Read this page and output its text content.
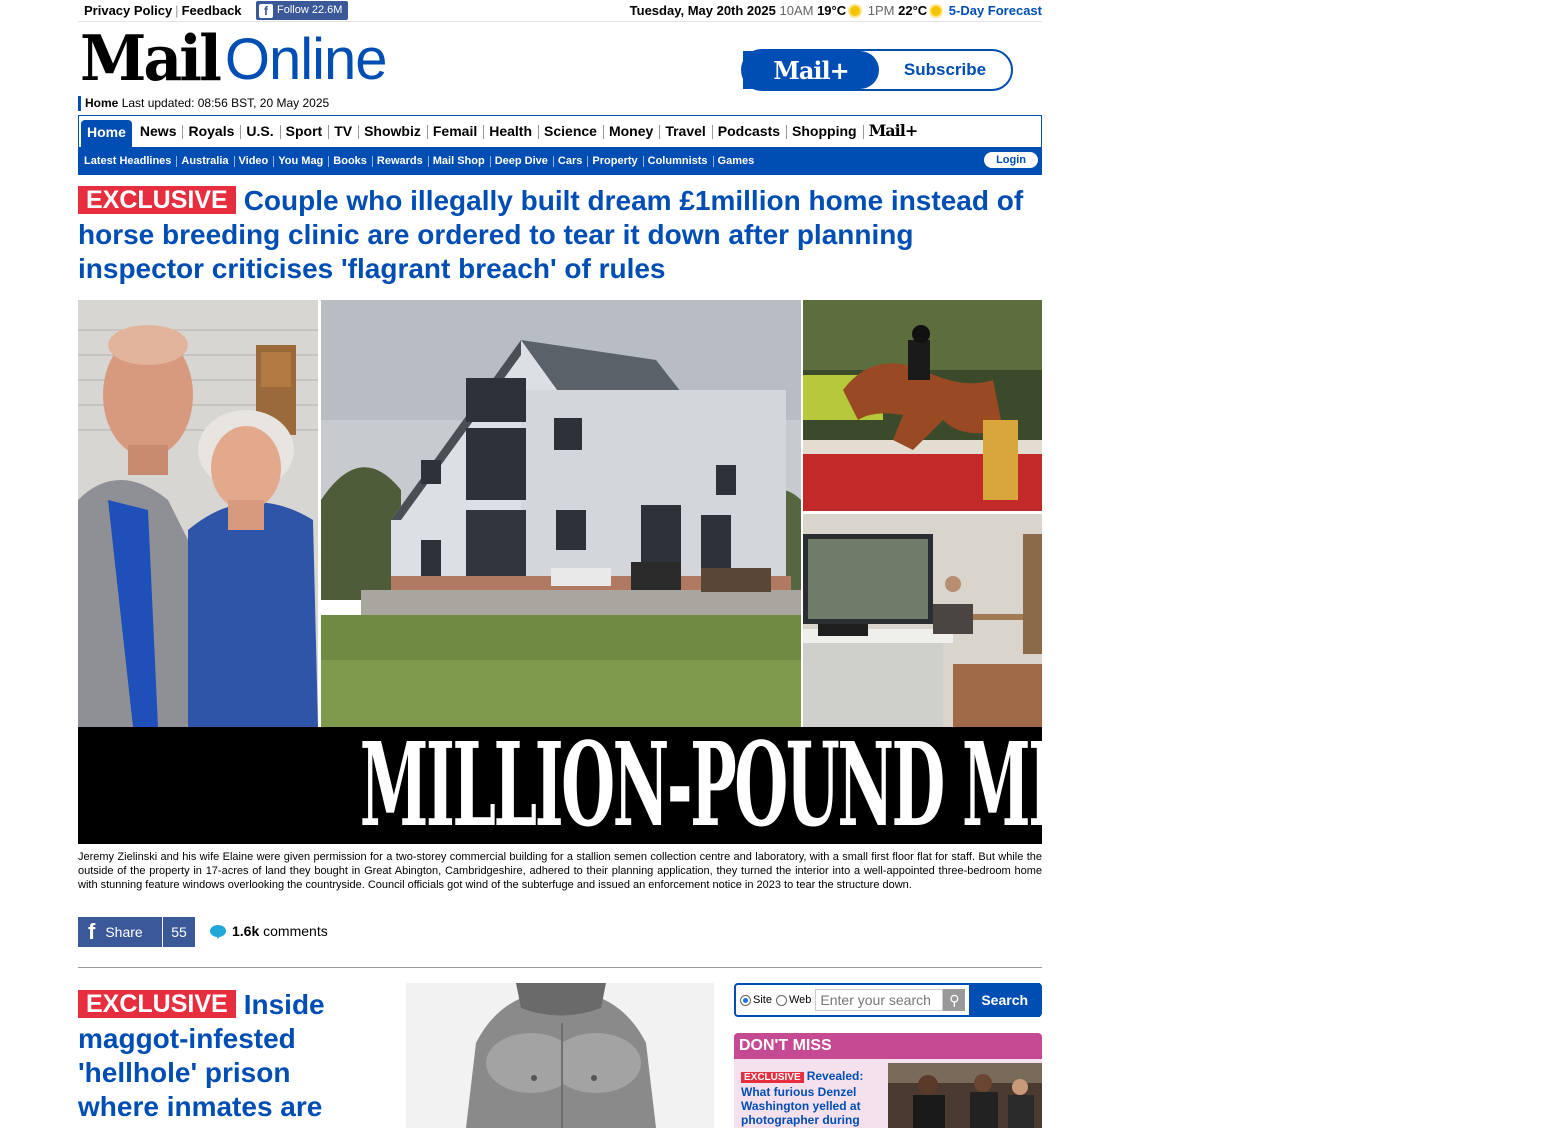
Privacy Policy | Feedback	f Follow 22.6M	Tuesday, May 20th 2025 10AM 19°C 1PM 22°C 5-Day Forecast
Mail Online	Mail+	Subscribe
Home Last updated: 08:56 BST, 20 May 2025
Home	News Royals U.S. Sport TV Showbiz Femail Health Science Money Travel Podcasts Shopping Mail+
Latest Headlines Australia Video You Mag Books Rewards Mail Shop Deep Dive Cars Property Columnists Games	Login
EXCLUSIVE Couple who illegally built dream £1million home instead of horse breeding clinic are ordered to tear it down after planning inspector criticises 'flagrant breach' of rules
MILLION-POUND MISTAKE
Jeremy Zielinski and his wife Elaine were given permission for a two-storey commercial building for a stallion semen collection centre and laboratory, with a small first floor flat for staff. But while the outside of the property in 17-acres of land they bought in Great Abington, Cambridgeshire, adhered to their planning application, they turned the interior into a well-appointed three-bedroom home with stunning feature windows overlooking the countryside. Council officials got wind of the subterfuge and issued an enforcement notice in 2023 to tear the structure down.
f Share	55	1.6k
comments
EXCLUSIVE Inside maggot-infested 'hellhole' prison where inmates are
Site Web Enter your search	⚲	Search
DON'T MISS
EXCLUSIVE Revealed: What furious Denzel Washington yelled at photographer during
